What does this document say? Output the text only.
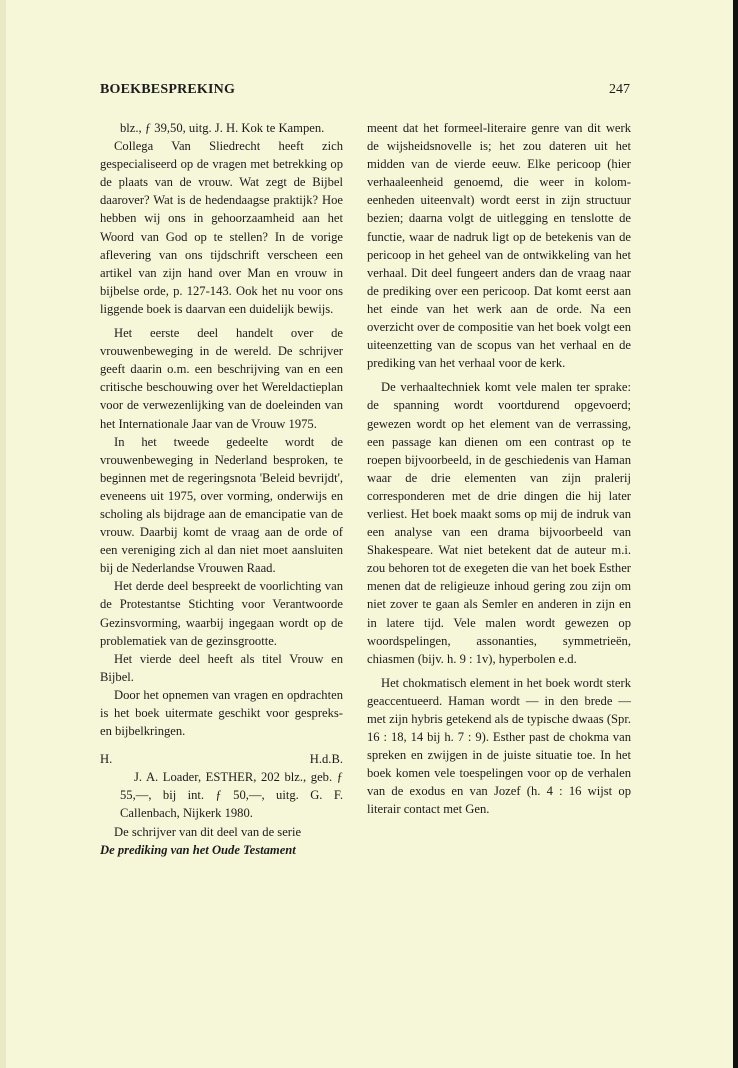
BOEKBESPREKING	247

blz., ƒ 39,50, uitg. J. H. Kok te Kampen.

Collega Van Sliedrecht heeft zich gespecialiseerd op de vragen met betrekking op de plaats van de vrouw. Wat zegt de Bijbel daarover? Wat is de hedendaagse praktijk? Hoe hebben wij ons in gehoorzaamheid aan het Woord van God op te stellen? In de vorige aflevering van ons tijdschrift verscheen een artikel van zijn hand over Man en vrouw in bijbelse orde, p. 127-143. Ook het nu voor ons liggende boek is daarvan een duidelijk bewijs.

Het eerste deel handelt over de vrouwenbeweging in de wereld. De schrijver geeft daarin o.m. een beschrijving van en een critische beschouwing over het Wereldactieplan voor de verwezenlijking van de doeleinden van het Internationale Jaar van de Vrouw 1975.

In het tweede gedeelte wordt de vrouwenbeweging in Nederland besproken, te beginnen met de regeringsnota 'Beleid bevrijdt', eveneens uit 1975, over vorming, onderwijs en scholing als bijdrage aan de emancipatie van de vrouw. Daarbij komt de vraag aan de orde of een vereniging zich al dan niet moet aansluiten bij de Nederlandse Vrouwen Raad.

Het derde deel bespreekt de voorlichting van de Protestantse Stichting voor Verantwoorde Gezinsvorming, waarbij ingegaan wordt op de problematiek van de gezinsgrootte.

Het vierde deel heeft als titel Vrouw en Bijbel.

Door het opnemen van vragen en opdrachten is het boek uitermate geschikt voor gespreks- en bijbelkringen.

H.	H.d.B.

J. A. Loader, ESTHER, 202 blz., geb. ƒ 55,—, bij int. ƒ 50,—, uitg. G. F. Callenbach, Nijkerk 1980.

De schrijver van dit deel van de serie

De prediking van het Oude Testament

meent dat het formeel-literaire genre van dit werk de wijsheidsnovelle is; het zou dateren uit het midden van de vierde eeuw. Elke pericoop (hier verhaaleenheid genoemd, die weer in kolom-eenheden uiteenvalt) wordt eerst in zijn structuur bezien; daarna volgt de uitlegging en tenslotte de functie, waar de nadruk ligt op de betekenis van de pericoop in het geheel van de ontwikkeling van het verhaal. Dit deel fungeert anders dan de vraag naar de prediking over een pericoop. Dat komt eerst aan het einde van het werk aan de orde. Na een overzicht over de compositie van het boek volgt een uiteenzetting van de scopus van het verhaal en de prediking van het verhaal voor de kerk.

De verhaaltechniek komt vele malen ter sprake: de spanning wordt voortdurend opgevoerd; gewezen wordt op het element van de verrassing, een passage kan dienen om een contrast op te roepen bijvoorbeeld, in de geschiedenis van Haman waar de drie elementen van zijn pralerij corresponderen met de drie dingen die hij later verliest. Het boek maakt soms op mij de indruk van een analyse van een drama bijvoorbeeld van Shakespeare. Wat niet betekent dat de auteur m.i. zou behoren tot de exegeten die van het boek Esther menen dat de religieuze inhoud gering zou zijn om niet zover te gaan als Semler en anderen in zijn en in latere tijd. Vele malen wordt gewezen op woordspelingen, assonanties, symmetrieën, chiasmen (bijv. h. 9 : 1v), hyperbolen e.d.

Het chokmatisch element in het boek wordt sterk geaccentueerd. Haman wordt — in den brede — met zijn hybris getekend als de typische dwaas (Spr. 16 : 18, 14 bij h. 7 : 9). Esther past de chokma van spreken en zwijgen in de juiste situatie toe. In het boek komen vele toespelingen voor op de verhalen van de exodus en van Jozef (h. 4 : 16 wijst op literair contact met Gen.
